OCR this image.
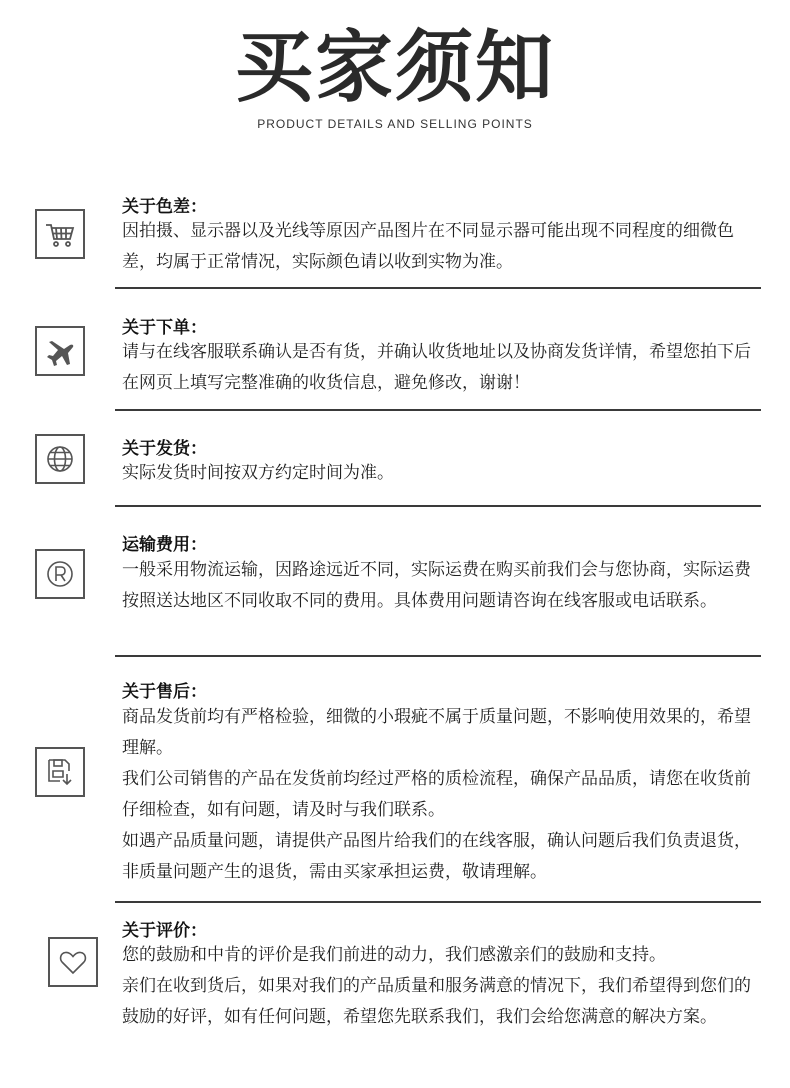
买家须知
PRODUCT DETAILS AND SELLING POINTS
关于色差：

因拍摄、显示器以及光线等原因产品图片在不同显示器可能出现不同程度的细微色差，均属于正常情况，实际颜色请以收到实物为准。

关于下单：

请与在线客服联系确认是否有货，并确认收货地址以及协商发货详情，希望您拍下后在网页上填写完整准确的收货信息，避免修改，谢谢！

关于发货：

实际发货时间按双方约定时间为准。

运输费用：

一般采用物流运输，因路途远近不同，实际运费在购买前我们会与您协商，实际运费按照送达地区不同收取不同的费用。具体费用问题请咨询在线客服或电话联系。

关于售后：

商品发货前均有严格检验，细微的小瑕疵不属于质量问题，不影响使用效果的，希望理解。

我们公司销售的产品在发货前均经过严格的质检流程，确保产品品质，请您在收货前仔细检查，如有问题，请及时与我们联系。

如遇产品质量问题，请提供产品图片给我们的在线客服，确认问题后我们负责退货，非质量问题产生的退货，需由买家承担运费，敬请理解。

关于评价：

您的鼓励和中肯的评价是我们前进的动力，我们感激亲们的鼓励和支持。

亲们在收到货后，如果对我们的产品质量和服务满意的情况下，我们希望得到您们的鼓励的好评，如有任何问题，希望您先联系我们，我们会给您满意的解决方案。
